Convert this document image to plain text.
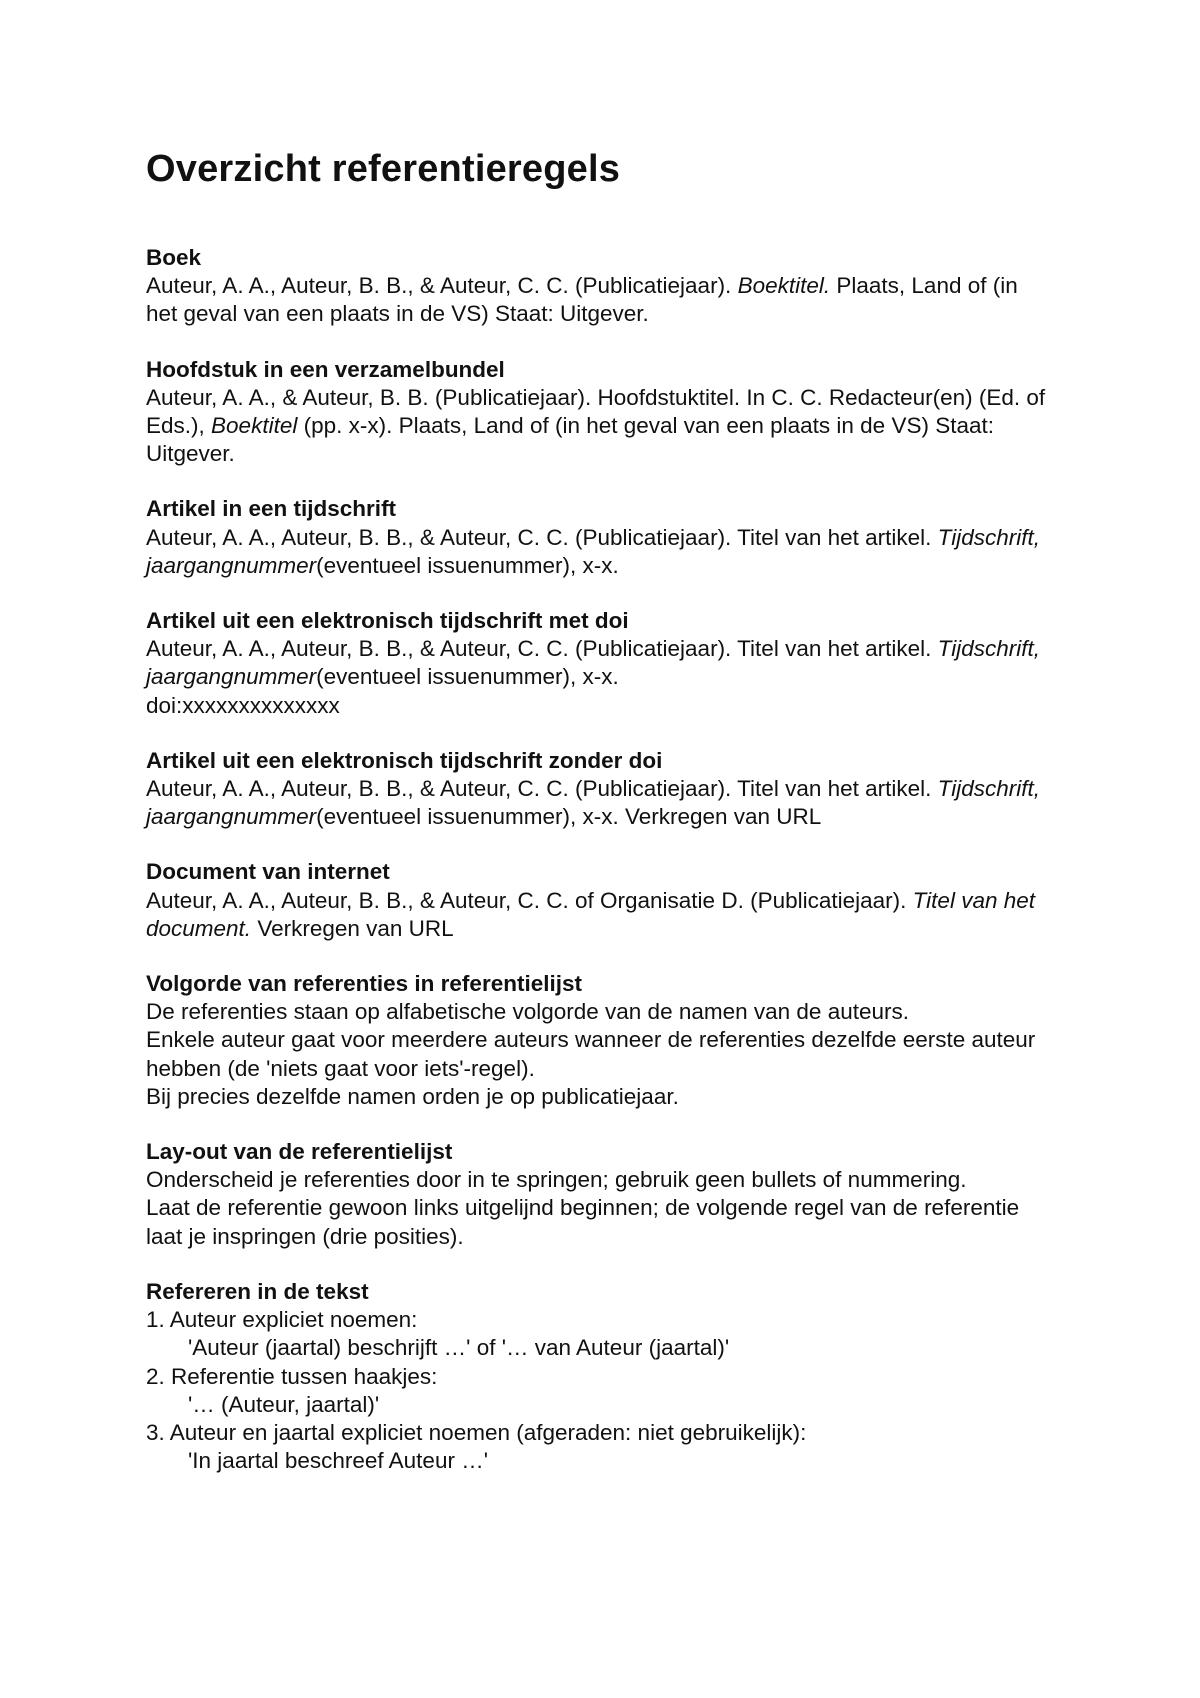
Overzicht referentieregels
Boek
Auteur, A. A., Auteur, B. B., & Auteur, C. C. (Publicatiejaar). Boektitel. Plaats, Land of (in het geval van een plaats in de VS) Staat: Uitgever.
Hoofdstuk in een verzamelbundel
Auteur, A. A., & Auteur, B. B. (Publicatiejaar). Hoofdstuktitel. In C. C. Redacteur(en) (Ed. of Eds.), Boektitel (pp. x-x). Plaats, Land of (in het geval van een plaats in de VS) Staat: Uitgever.
Artikel in een tijdschrift
Auteur, A. A., Auteur, B. B., & Auteur, C. C. (Publicatiejaar). Titel van het artikel. Tijdschrift, jaargangnummer(eventueel issuenummer), x-x.
Artikel uit een elektronisch tijdschrift met doi
Auteur, A. A., Auteur, B. B., & Auteur, C. C. (Publicatiejaar). Titel van het artikel. Tijdschrift, jaargangnummer(eventueel issuenummer), x-x.
doi:xxxxxxxxxxxxxx
Artikel uit een elektronisch tijdschrift zonder doi
Auteur, A. A., Auteur, B. B., & Auteur, C. C. (Publicatiejaar). Titel van het artikel. Tijdschrift, jaargangnummer(eventueel issuenummer), x-x. Verkregen van URL
Document van internet
Auteur, A. A., Auteur, B. B., & Auteur, C. C. of Organisatie D. (Publicatiejaar). Titel van het document. Verkregen van URL
Volgorde van referenties in referentielijst
De referenties staan op alfabetische volgorde van de namen van de auteurs.
Enkele auteur gaat voor meerdere auteurs wanneer de referenties dezelfde eerste auteur hebben (de 'niets gaat voor iets'-regel).
Bij precies dezelfde namen orden je op publicatiejaar.
Lay-out van de referentielijst
Onderscheid je referenties door in te springen; gebruik geen bullets of nummering.
Laat de referentie gewoon links uitgelijnd beginnen; de volgende regel van de referentie laat je inspringen (drie posities).
Refereren in de tekst
1. Auteur expliciet noemen:
'Auteur (jaartal) beschrijft …' of '… van Auteur (jaartal)'
2. Referentie tussen haakjes:
'… (Auteur, jaartal)'
3. Auteur en jaartal expliciet noemen (afgeraden: niet gebruikelijk):
'In jaartal beschreef Auteur …'
